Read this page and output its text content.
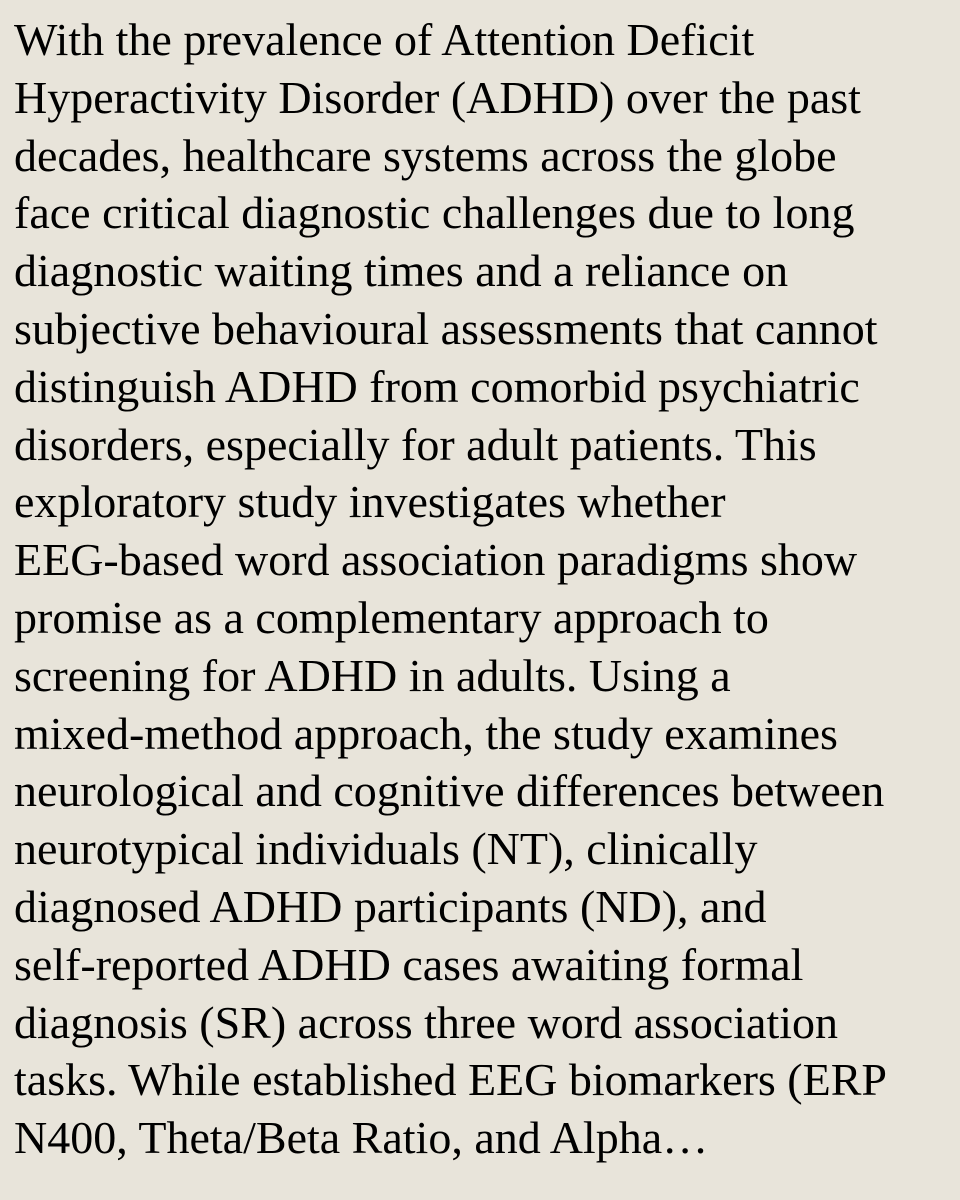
With the prevalence of Attention Deficit
Hyperactivity Disorder (ADHD) over the past
decades, healthcare systems across the globe
face critical diagnostic challenges due to long
diagnostic waiting times and a reliance on
subjective behavioural assessments that cannot
distinguish ADHD from comorbid psychiatric
disorders, especially for adult patients. This
exploratory study investigates whether
EEG-based word association paradigms show
promise as a complementary approach to
screening for ADHD in adults. Using a
mixed-method approach, the study examines
neurological and cognitive differences between
neurotypical individuals (NT), clinically
diagnosed ADHD participants (ND), and
self-reported ADHD cases awaiting formal
diagnosis (SR) across three word association
tasks. While established EEG biomarkers (ERP
N400, Theta/Beta Ratio, and Alpha…
